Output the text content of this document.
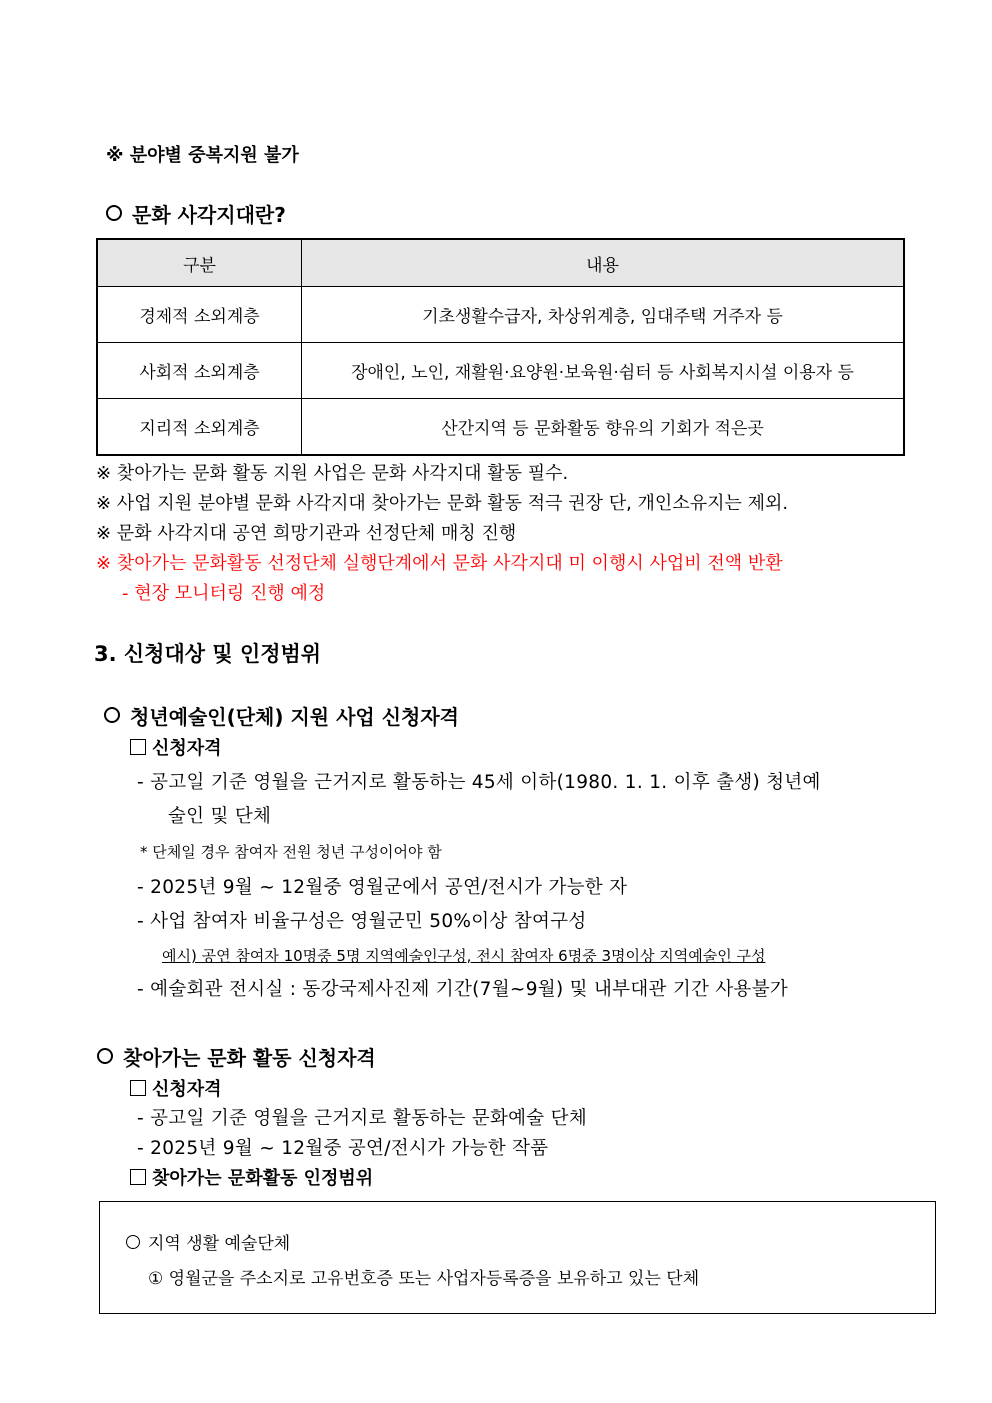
※ 분야별 중복지원 불가
문화 사각지대란?
구분	내용
경제적 소외계층	기초생활수급자, 차상위계층, 임대주택 거주자 등
사회적 소외계층	장애인, 노인, 재활원·요양원·보육원·쉼터 등 사회복지시설 이용자 등
지리적 소외계층	산간지역 등 문화활동 향유의 기회가 적은곳
※ 찾아가는 문화 활동 지원 사업은 문화 사각지대 활동 필수.
※ 사업 지원 분야별 문화 사각지대 찾아가는 문화 활동 적극 권장 단, 개인소유지는 제외.
※ 문화 사각지대 공연 희망기관과 선정단체 매칭 진행
※ 찾아가는 문화활동 선정단체 실행단계에서 문화 사각지대 미 이행시 사업비 전액 반환
- 현장 모니터링 진행 예정
3. 신청대상 및 인정범위
청년예술인(단체) 지원 사업 신청자격
신청자격
- 공고일 기준 영월을 근거지로 활동하는 45세 이하(1980. 1. 1. 이후 출생) 청년예
술인 및 단체
* 단체일 경우 참여자 전원 청년 구성이어야 함
- 2025년 9월 ~ 12월중 영월군에서 공연/전시가 가능한 자
- 사업 참여자 비율구성은 영월군민 50%이상 참여구성
예시) 공연 참여자 10명중 5명 지역예술인구성, 전시 참여자 6명중 3명이상 지역예술인 구성
- 예술회관 전시실 : 동강국제사진제 기간(7월~9월) 및 내부대관 기간 사용불가
찾아가는 문화 활동 신청자격
신청자격
- 공고일 기준 영월을 근거지로 활동하는 문화예술 단체
- 2025년 9월 ~ 12월중 공연/전시가 가능한 작품
찾아가는 문화활동 인정범위
지역 생활 예술단체
① 영월군을 주소지로 고유번호증 또는 사업자등록증을 보유하고 있는 단체
